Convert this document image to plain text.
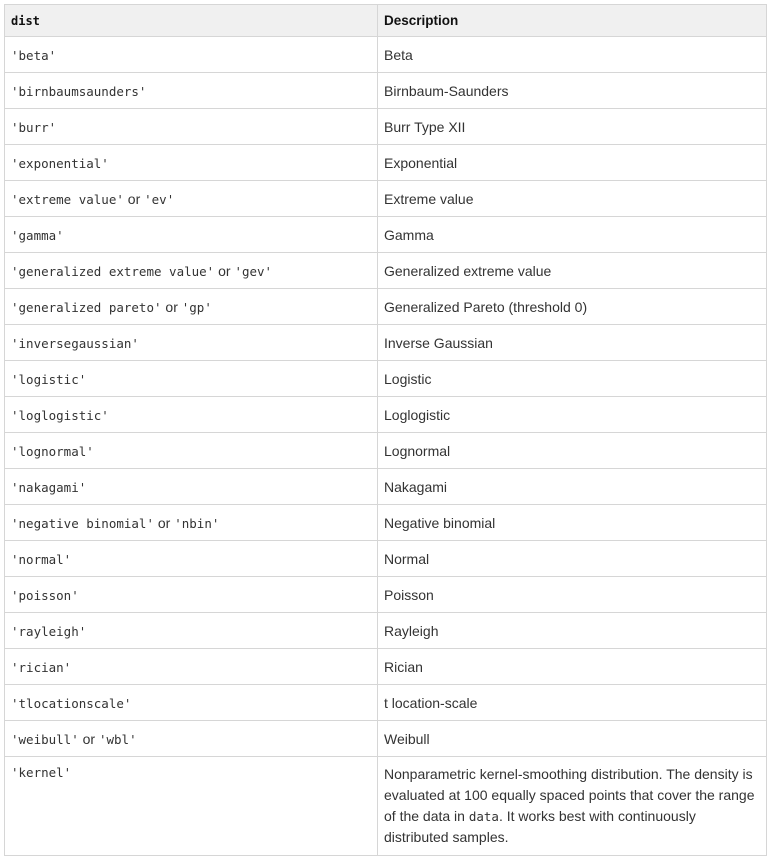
dist	Description
'beta'	Beta
'birnbaumsaunders'	Birnbaum-Saunders
'burr'	Burr Type XII
'exponential'	Exponential
'extreme value' or 'ev'	Extreme value
'gamma'	Gamma
'generalized extreme value' or 'gev'	Generalized extreme value
'generalized pareto' or 'gp'	Generalized Pareto (threshold 0)
'inversegaussian'	Inverse Gaussian
'logistic'	Logistic
'loglogistic'	Loglogistic
'lognormal'	Lognormal
'nakagami'	Nakagami
'negative binomial' or 'nbin'	Negative binomial
'normal'	Normal
'poisson'	Poisson
'rayleigh'	Rayleigh
'rician'	Rician
'tlocationscale'	t location-scale
'weibull' or 'wbl'	Weibull
'kernel'	Nonparametric kernel-smoothing distribution. The density is evaluated at 100 equally spaced points that cover the range of the data in data. It works best with continuously distributed samples.
